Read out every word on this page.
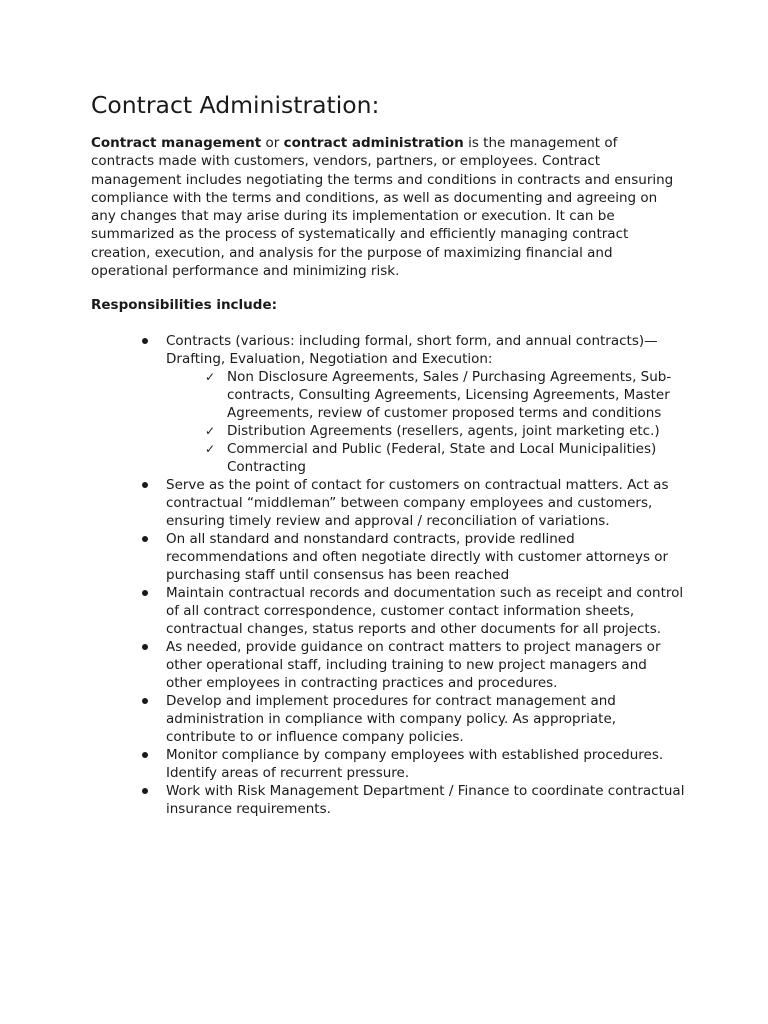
Contract Administration:

Contract management or contract administration is the management of contracts made with customers, vendors, partners, or employees. Contract management includes negotiating the terms and conditions in contracts and ensuring compliance with the terms and conditions, as well as documenting and agreeing on any changes that may arise during its implementation or execution. It can be summarized as the process of systematically and efficiently managing contract creation, execution, and analysis for the purpose of maximizing financial and operational performance and minimizing risk.

Responsibilities include:

Contracts (various: including formal, short form, and annual contracts)— Drafting, Evaluation, Negotiation and Execution:
✓ Non Disclosure Agreements, Sales / Purchasing Agreements, Sub-contracts, Consulting Agreements, Licensing Agreements, Master Agreements, review of customer proposed terms and conditions
✓ Distribution Agreements (resellers, agents, joint marketing etc.)
✓ Commercial and Public (Federal, State and Local Municipalities) Contracting
Serve as the point of contact for customers on contractual matters. Act as contractual “middleman” between company employees and customers, ensuring timely review and approval / reconciliation of variations.
On all standard and nonstandard contracts, provide redlined recommendations and often negotiate directly with customer attorneys or purchasing staff until consensus has been reached
Maintain contractual records and documentation such as receipt and control of all contract correspondence, customer contact information sheets, contractual changes, status reports and other documents for all projects.
As needed, provide guidance on contract matters to project managers or other operational staff, including training to new project managers and other employees in contracting practices and procedures.
Develop and implement procedures for contract management and administration in compliance with company policy. As appropriate, contribute to or influence company policies.
Monitor compliance by company employees with established procedures. Identify areas of recurrent pressure.
Work with Risk Management Department / Finance to coordinate contractual insurance requirements.
